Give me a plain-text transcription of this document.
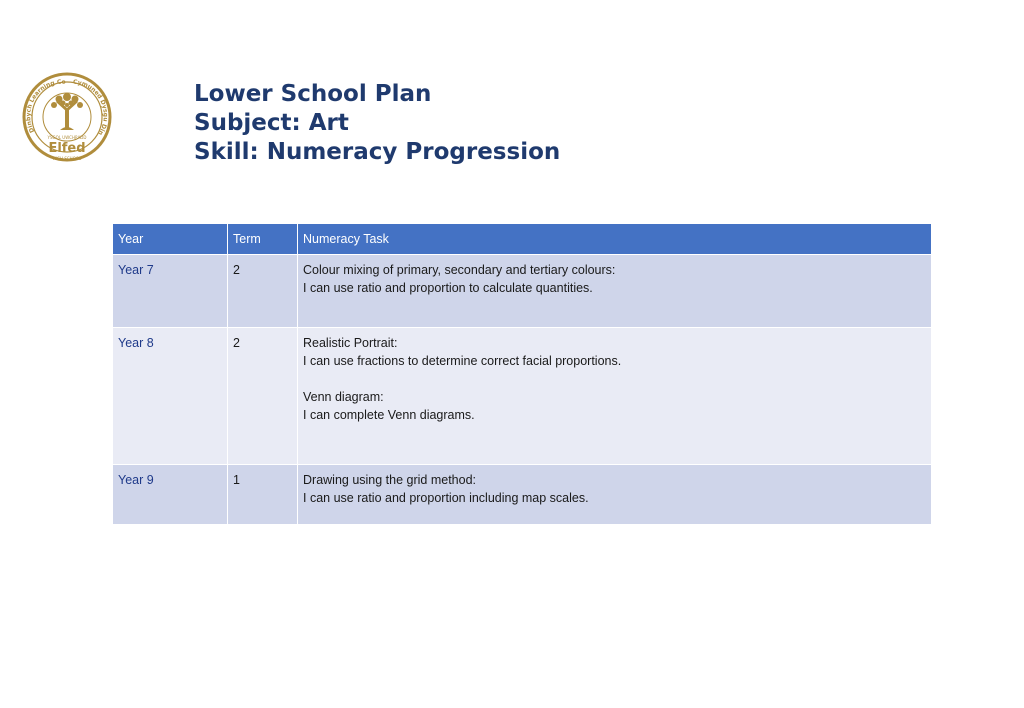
Dinbych Learning Co	Cymuned Dysgu Din
YSGOL UWCHRADD
Elfed
HIGH SCHOOL
Lower School Plan
Subject: Art
Skill: Numeracy Progression
Year	Term	Numeracy Task
Year 7	2	Colour mixing of primary, secondary and tertiary colours:
I can use ratio and proportion to calculate quantities.

Year 8	2	Realistic Portrait:
I can use fractions to determine correct facial proportions.
Venn diagram:
I can complete Venn diagrams.

Year 9	1	Drawing using the grid method:
I can use ratio and proportion including map scales.
